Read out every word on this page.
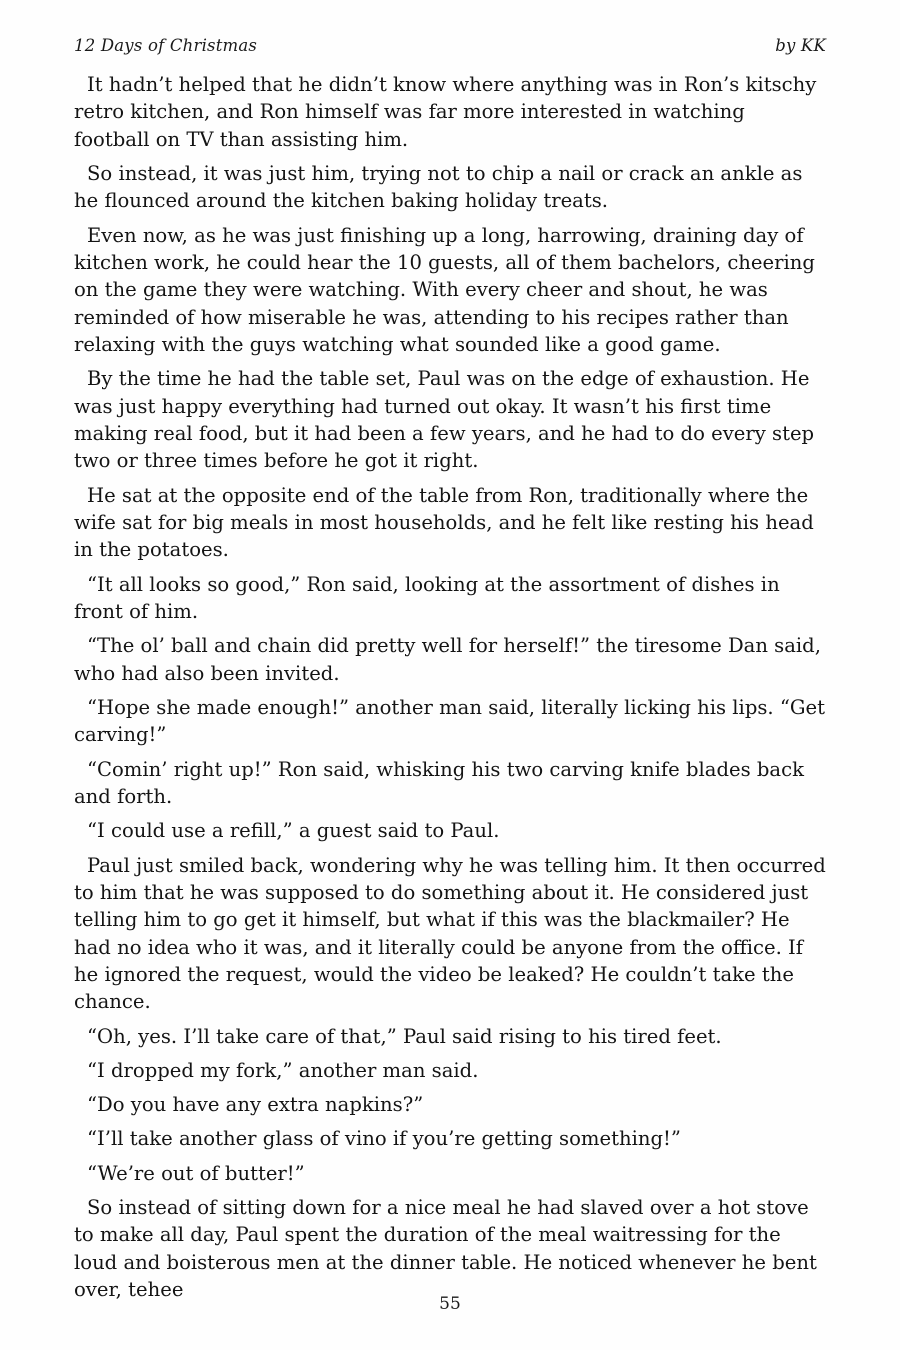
12 Days of Christmas	by KK

It hadn’t helped that he didn’t know where anything was in Ron’s kitschy retro kitchen, and Ron himself was far more interested in watching football on TV than assisting him.

So instead, it was just him, trying not to chip a nail or crack an ankle as he flounced around the kitchen baking holiday treats.

Even now, as he was just finishing up a long, harrowing, draining day of kitchen work, he could hear the 10 guests, all of them bachelors, cheering on the game they were watching. With every cheer and shout, he was reminded of how miserable he was, attending to his recipes rather than relaxing with the guys watching what sounded like a good game.

By the time he had the table set, Paul was on the edge of exhaustion. He was just happy everything had turned out okay. It wasn’t his first time making real food, but it had been a few years, and he had to do every step two or three times before he got it right.

He sat at the opposite end of the table from Ron, traditionally where the wife sat for big meals in most households, and he felt like resting his head in the potatoes.

“It all looks so good,” Ron said, looking at the assortment of dishes in front of him.

“The ol’ ball and chain did pretty well for herself!” the tiresome Dan said, who had also been invited.

“Hope she made enough!” another man said, literally licking his lips. “Get carving!”

“Comin’ right up!” Ron said, whisking his two carving knife blades back and forth.

“I could use a refill,” a guest said to Paul.

Paul just smiled back, wondering why he was telling him. It then occurred to him that he was supposed to do something about it. He considered just telling him to go get it himself, but what if this was the blackmailer? He had no idea who it was, and it literally could be anyone from the office. If he ignored the request, would the video be leaked? He couldn’t take the chance.

“Oh, yes. I’ll take care of that,” Paul said rising to his tired feet.

“I dropped my fork,” another man said.

“Do you have any extra napkins?”

“I’ll take another glass of vino if you’re getting something!”

“We’re out of butter!”

So instead of sitting down for a nice meal he had slaved over a hot stove to make all day, Paul spent the duration of the meal waitressing for the loud and boisterous men at the dinner table. He noticed whenever he bent over, tehee

55
